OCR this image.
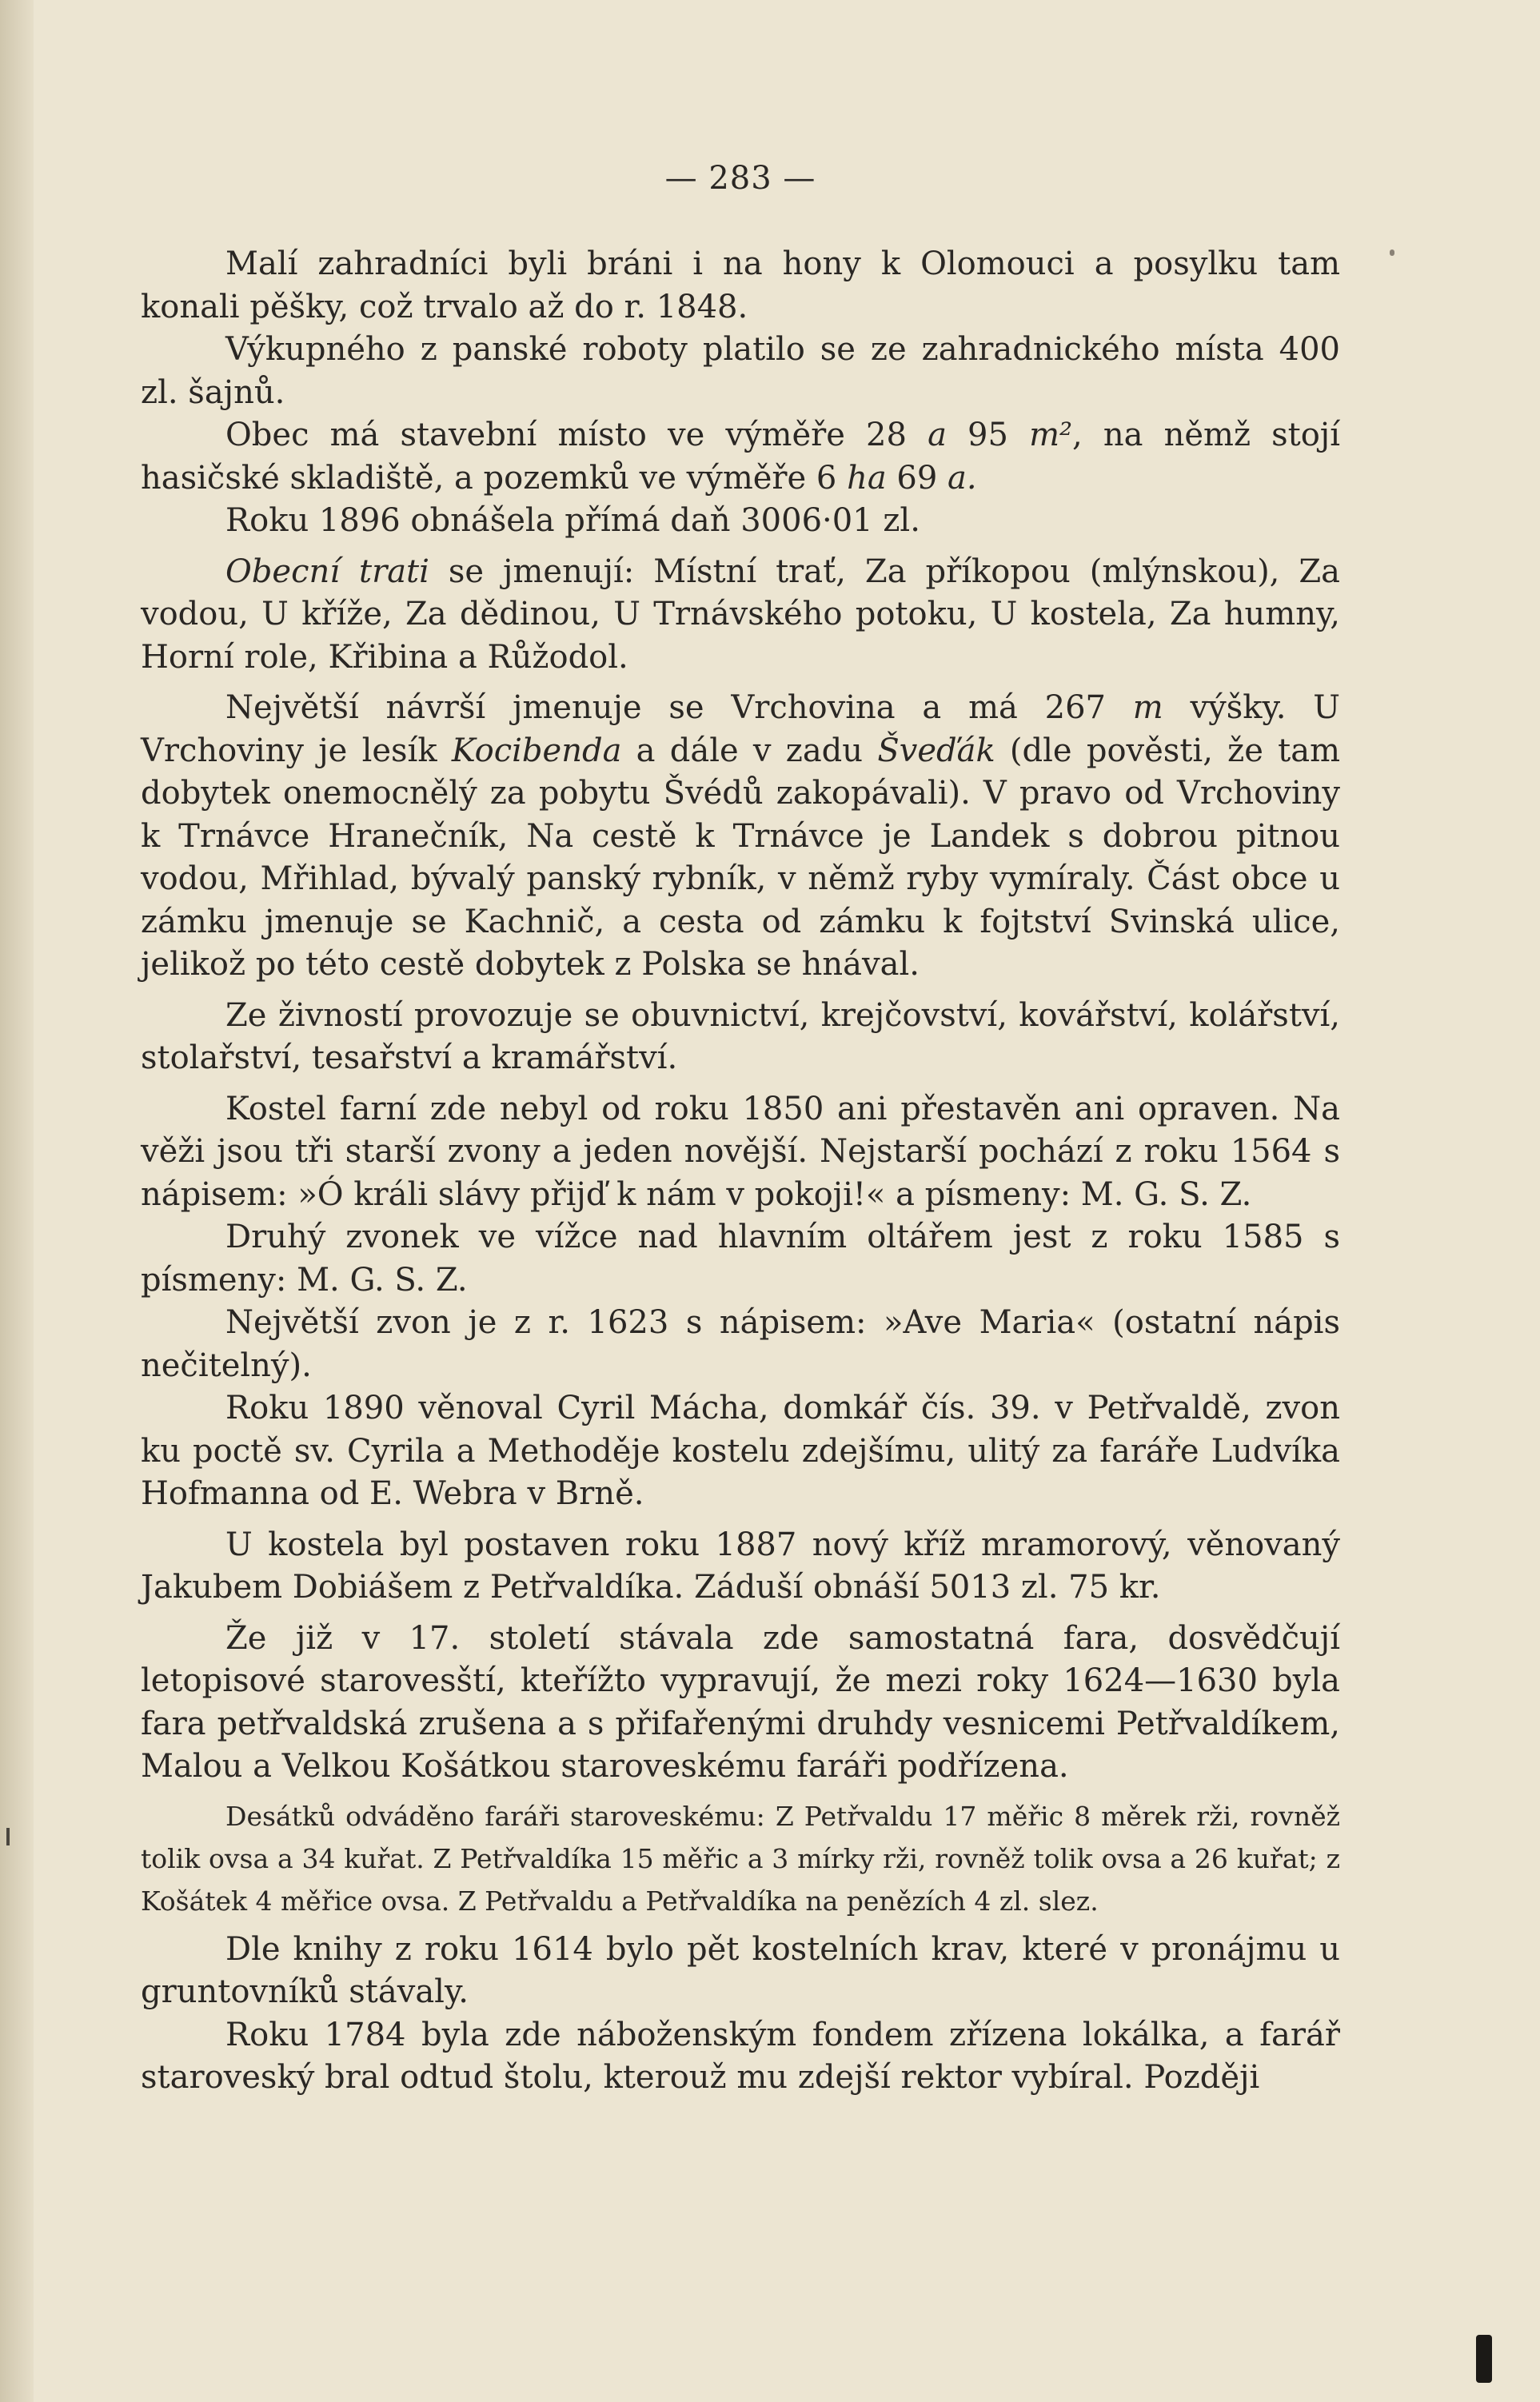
— 283 —

Malí zahradníci byli bráni i na hony k Olomouci a posylku tam konali pěšky, což trvalo až do r. 1848.

Výkupného z panské roboty platilo se ze zahradnického místa 400 zl. šajnů.

Obec má stavební místo ve výměře 28 a 95 m², na němž stojí hasičské skladiště, a pozemků ve výměře 6 ha 69 a.

Roku 1896 obnášela přímá daň 3006·01 zl.

Obecní trati se jmenují: Místní trať, Za příkopou (mlýnskou), Za vodou, U kříže, Za dědinou, U Trnávského potoku, U kostela, Za humny, Horní role, Křibina a Růžodol.

Největší návrší jmenuje se Vrchovina a má 267 m výšky. U Vrchoviny je lesík Kocibenda a dále v zadu Šveďák (dle pověsti, že tam dobytek onemocnělý za pobytu Švédů zakopávali). V pravo od Vrchoviny k Trnávce Hranečník, Na cestě k Trnávce je Landek s dobrou pitnou vodou, Mřihlad, bývalý panský rybník, v němž ryby vymíraly. Část obce u zámku jmenuje se Kachnič, a cesta od zámku k fojtství Svinská ulice, jelikož po této cestě dobytek z Polska se hnával.

Ze živností provozuje se obuvnictví, krejčovství, kovářství, kolářství, stolařství, tesařství a kramářství.

Kostel farní zde nebyl od roku 1850 ani přestavěn ani opraven. Na věži jsou tři starší zvony a jeden novější. Nejstarší pochází z roku 1564 s nápisem: »Ó králi slávy přijď k nám v pokoji!« a písmeny: M. G. S. Z.

Druhý zvonek ve vížce nad hlavním oltářem jest z roku 1585 s písmeny: M. G. S. Z.

Největší zvon je z r. 1623 s nápisem: »Ave Maria« (ostatní nápis nečitelný).

Roku 1890 věnoval Cyril Mácha, domkář čís. 39. v Petřvaldě, zvon ku poctě sv. Cyrila a Methoděje kostelu zdejšímu, ulitý za faráře Ludvíka Hofmanna od E. Webra v Brně.

U kostela byl postaven roku 1887 nový kříž mramorový, věnovaný Jakubem Dobiášem z Petřvaldíka. Záduší obnáší 5013 zl. 75 kr.

Že již v 17. století stávala zde samostatná fara, dosvědčují letopisové starovesští, kteřížto vypravují, že mezi roky 1624—1630 byla fara petřvaldská zrušena a s přifařenými druhdy vesnicemi Petřvaldíkem, Malou a Velkou Košátkou staroveskému faráři podřízena.

Desátků odváděno faráři staroveskému: Z Petřvaldu 17 měřic 8 měrek rži, rovněž tolik ovsa a 34 kuřat. Z Petřvaldíka 15 měřic a 3 mírky rži, rovněž tolik ovsa a 26 kuřat; z Košátek 4 měřice ovsa. Z Petřvaldu a Petřvaldíka na penězích 4 zl. slez.

Dle knihy z roku 1614 bylo pět kostelních krav, které v pronájmu u gruntovníků stávaly.

Roku 1784 byla zde náboženským fondem zřízena lokálka, a farář staroveský bral odtud štolu, kterouž mu zdejší rektor vybíral. Později
